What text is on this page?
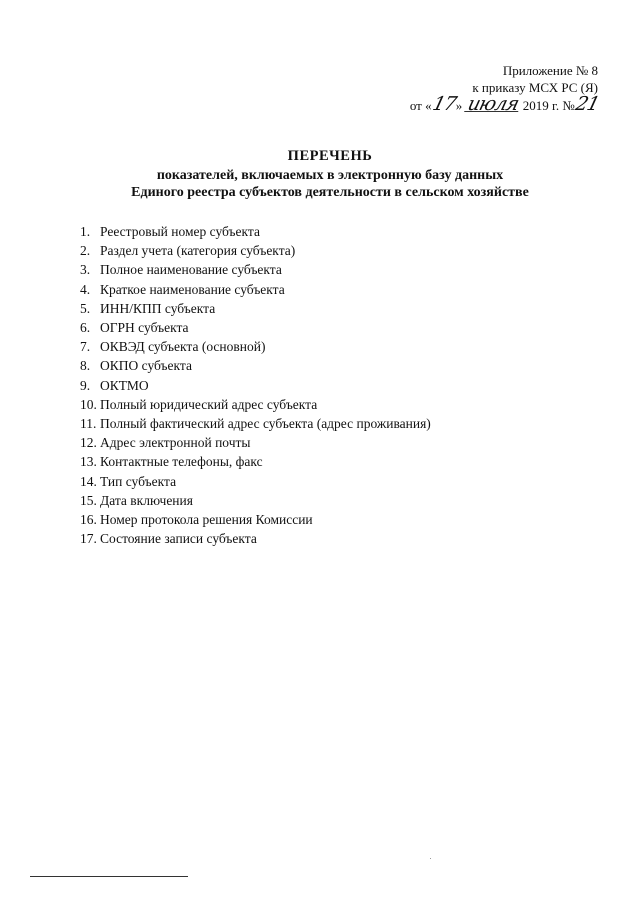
Приложение № 8
к приказу МСХ РС (Я)
от «17» июля 2019 г. №21
ПЕРЕЧЕНЬ
показателей, включаемых в электронную базу данных
Единого реестра субъектов деятельности в сельском хозяйстве
1. Реестровый номер субъекта
2. Раздел учета (категория субъекта)
3. Полное наименование субъекта
4. Краткое наименование субъекта
5. ИНН/КПП субъекта
6. ОГРН субъекта
7. ОКВЭД субъекта (основной)
8. ОКПО субъекта
9. ОКТМО
10. Полный юридический адрес субъекта
11. Полный фактический адрес субъекта (адрес проживания)
12. Адрес электронной почты
13. Контактные телефоны, факс
14. Тип субъекта
15. Дата включения
16. Номер протокола решения Комиссии
17. Состояние записи субъекта
